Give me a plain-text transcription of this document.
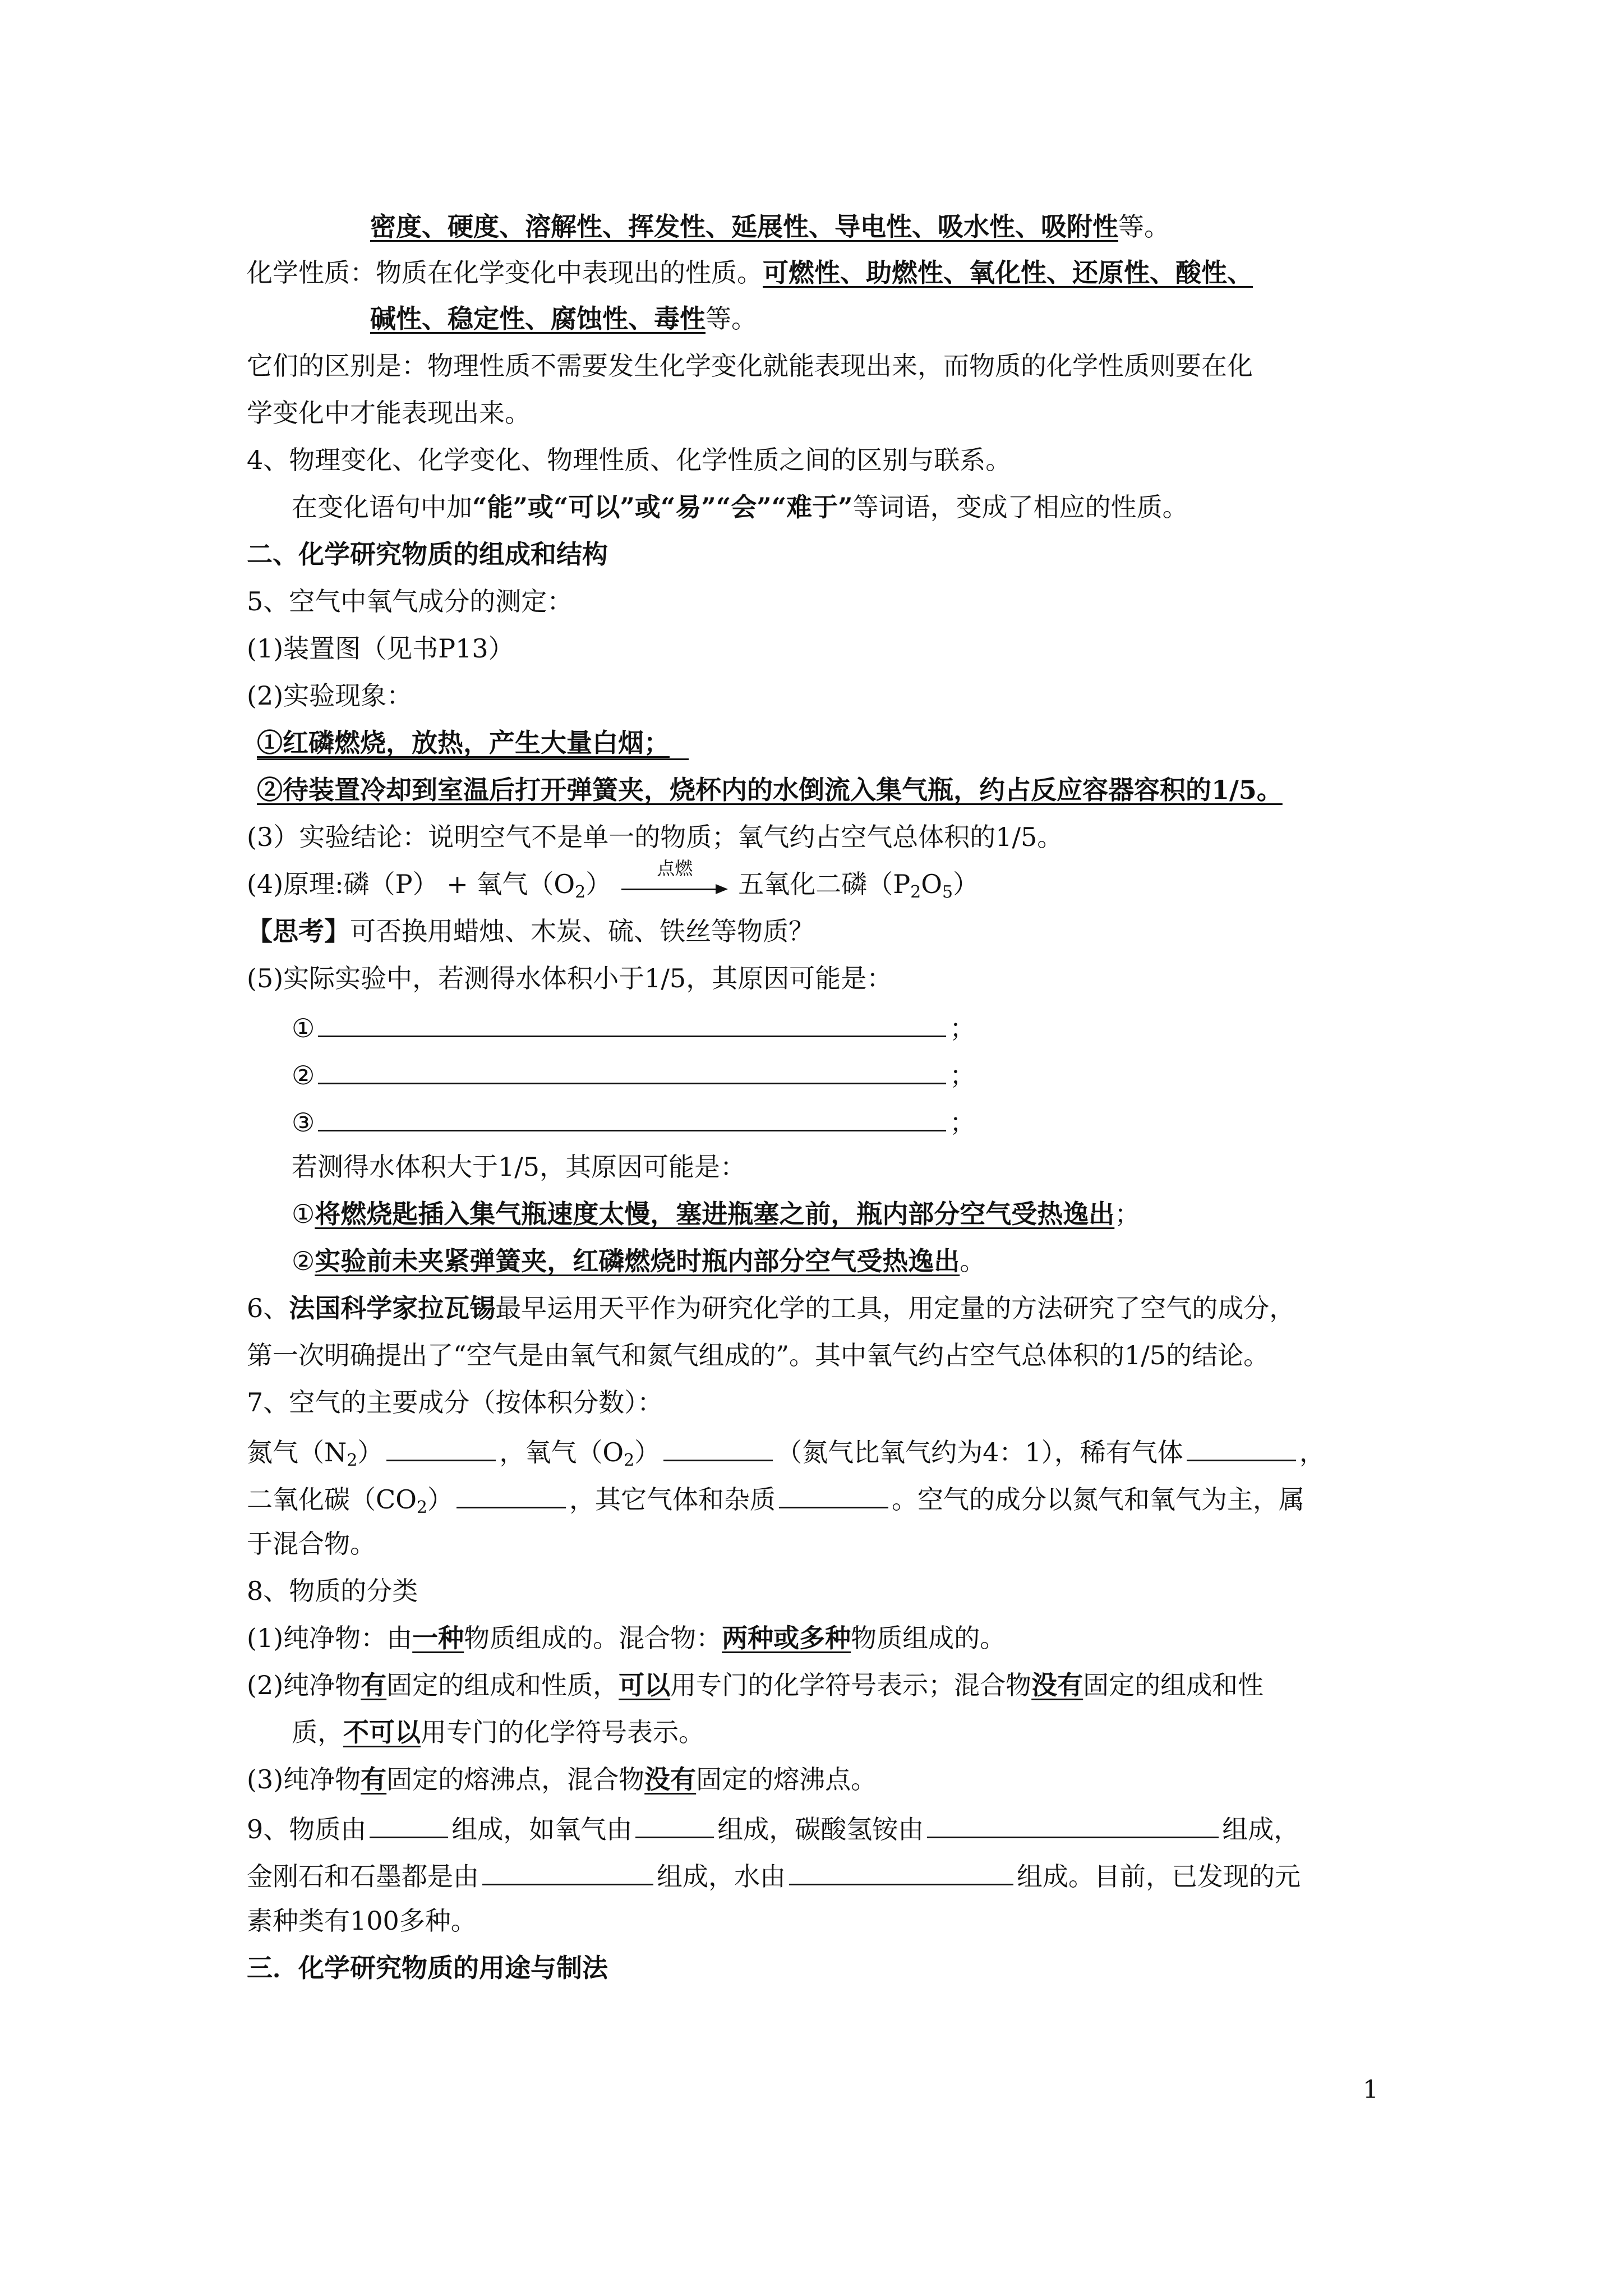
密度、硬度、溶解性、挥发性、延展性、导电性、吸水性、吸附性等。
化学性质：物质在化学变化中表现出的性质。可燃性、助燃性、氧化性、还原性、酸性、
碱性、稳定性、腐蚀性、毒性等。
它们的区别是：物理性质不需要发生化学变化就能表现出来，而物质的化学性质则要在化
学变化中才能表现出来。
4、物理变化、化学变化、物理性质、化学性质之间的区别与联系。
在变化语句中加“能”或“可以”或“易”“会”“难于”等词语，变成了相应的性质。
二、化学研究物质的组成和结构
5、空气中氧气成分的测定：
(1)装置图（见书P13）
(2)实验现象：
①红磷燃烧，放热，产生大量白烟；
②待装置冷却到室温后打开弹簧夹，烧杯内的水倒流入集气瓶，约占反应容器容积的1/5。
(3）实验结论：说明空气不是单一的物质；氧气约占空气总体积的1/5。
(4)原理:磷（P） + 氧气$(O_2)$
点燃
五氧化二磷$(P_2O_5)$
【思考】可否换用蜡烛、木炭、硫、铁丝等物质？
(5)实际实验中，若测得水体积小于1/5，其原因可能是：
①	；
②	；
③	；
若测得水体积大于1/5，其原因可能是：
①将燃烧匙插入集气瓶速度太慢，塞进瓶塞之前，瓶内部分空气受热逸出；
②实验前未夹紧弹簧夹，红磷燃烧时瓶内部分空气受热逸出。
6、法国科学家拉瓦锡最早运用天平作为研究化学的工具，用定量的方法研究了空气的成分，
第一次明确提出了“空气是由氧气和氮气组成的”。其中氧气约占空气总体积的1/5的结论。
7、空气的主要成分（按体积分数）：
氮气$(N_2)$	，氧气$(O_2)$	（氮气比氧气约为4：1），稀有气体	，
二氧化碳$(CO_2)$	，其它气体和杂质	。空气的成分以氮气和氧气为主，属
于混合物。
8、物质的分类
(1)纯净物：由一种物质组成的。混合物：两种或多种物质组成的。
(2)纯净物有固定的组成和性质，可以用专门的化学符号表示；混合物没有固定的组成和性
质，不可以用专门的化学符号表示。
(3)纯净物有固定的熔沸点，混合物没有固定的熔沸点。
9、物质由	组成，如氧气由	组成，碳酸氢铵由	组成，
金刚石和石墨都是由	组成，水由	组成。目前，已发现的元
素种类有100多种。
三．化学研究物质的用途与制法
1
